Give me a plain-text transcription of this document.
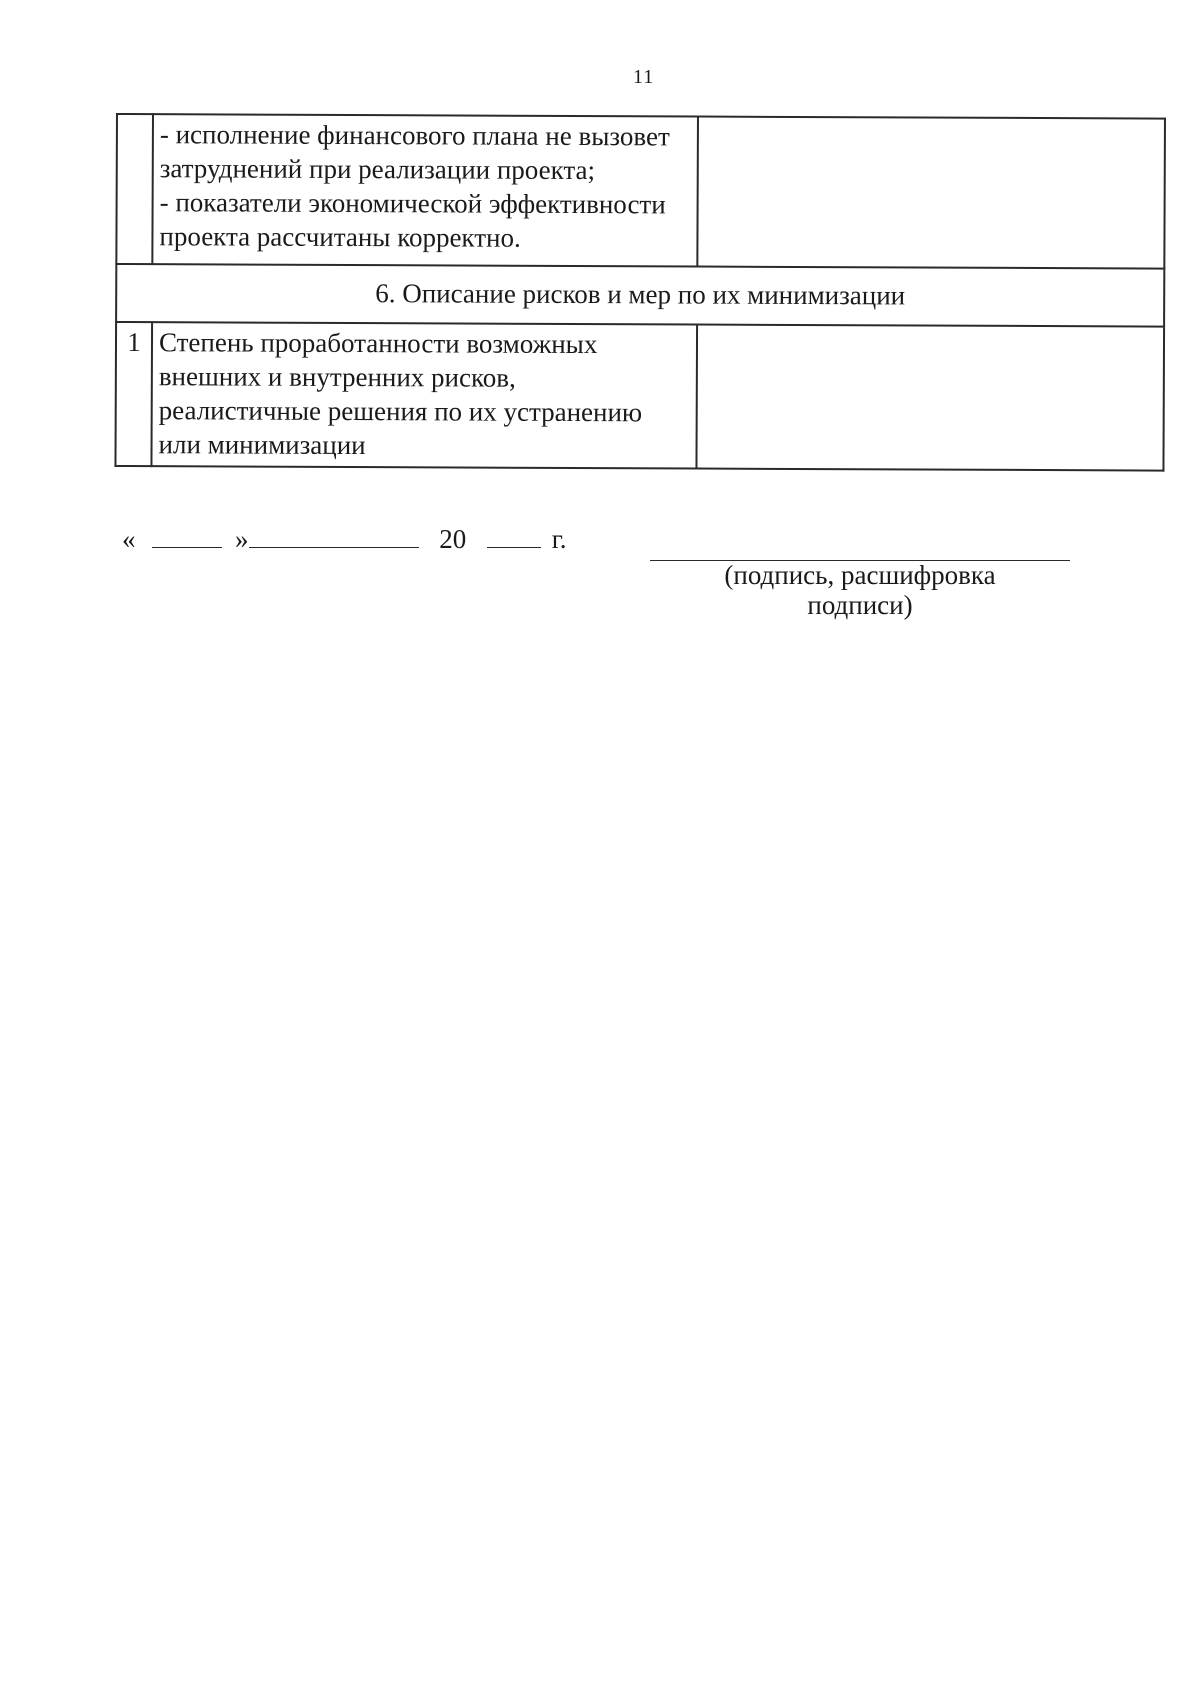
11

	- исполнение финансового плана не вызовет
затруднений при реализации проекта;
- показатели экономической эффективности
проекта рассчитаны корректно.	

6. Описание рисков и мер по их минимизации		
1	Степень проработанности возможных
внешних и внутренних рисков,
реалистичные решения по их устранению
или минимизации	

«	»	20	г.
(подпись, расшифровка
подписи)
